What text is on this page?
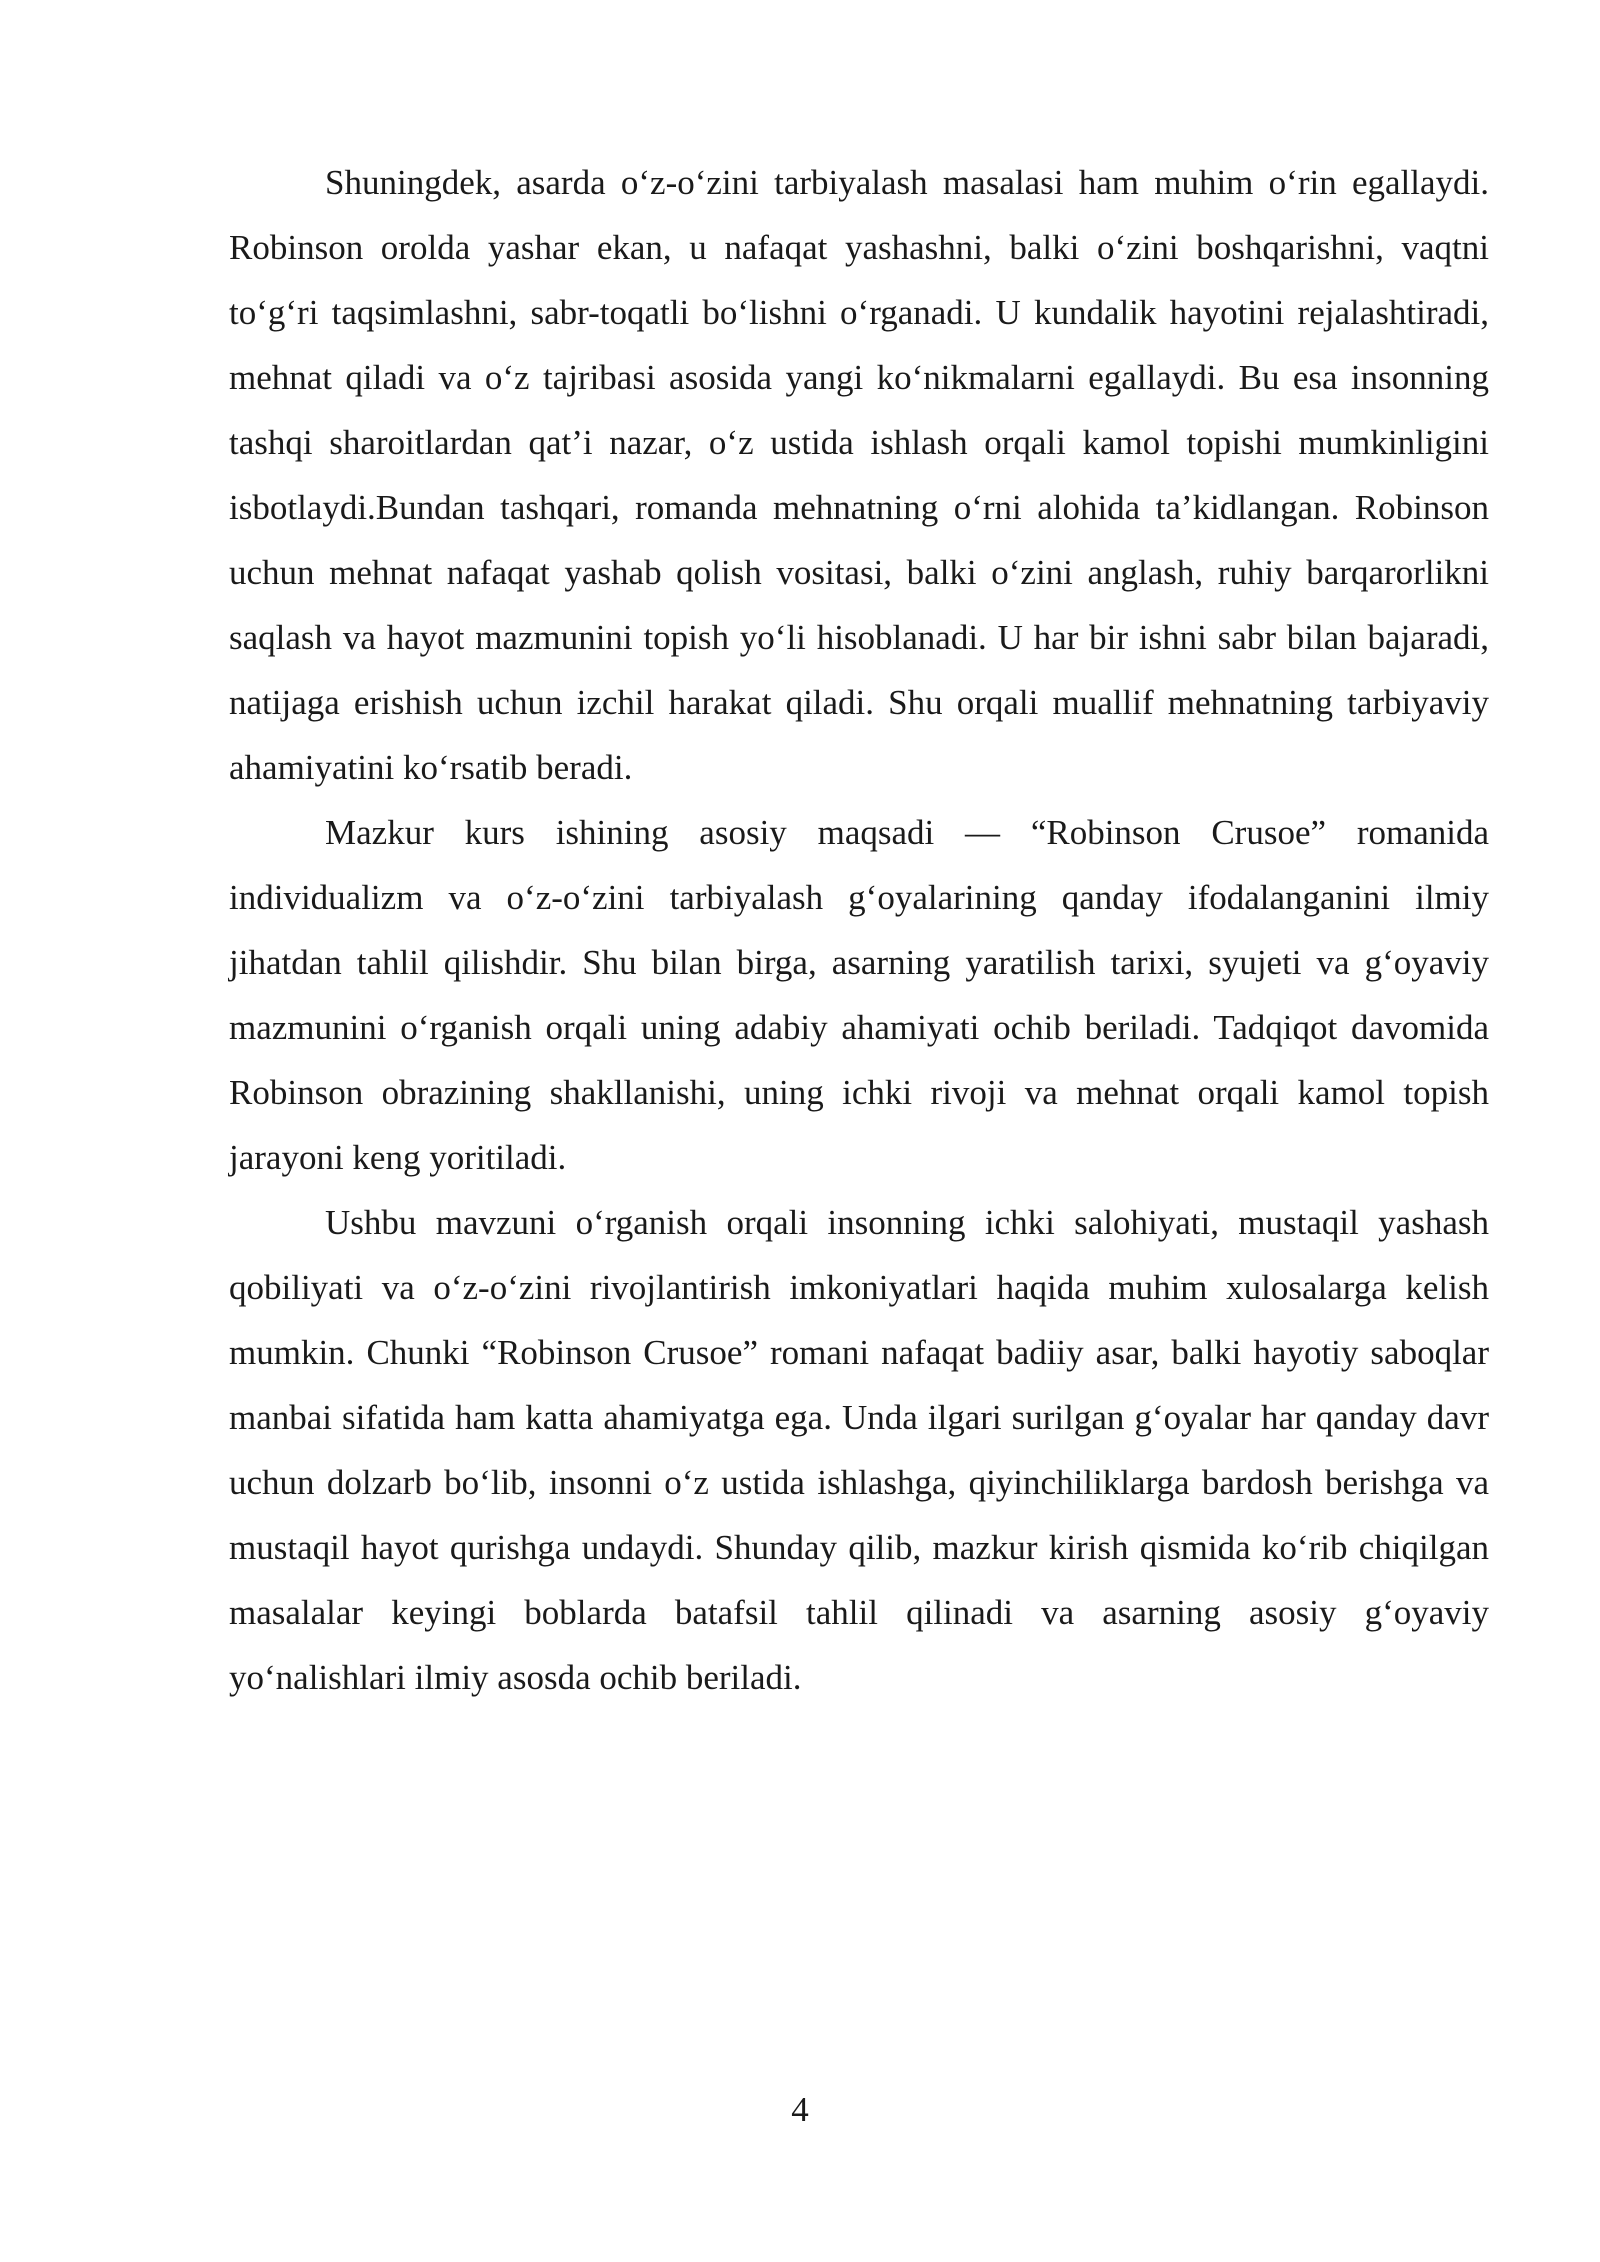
Shuningdek, asarda o‘z-o‘zini tarbiyalash masalasi ham muhim o‘rin egallaydi. Robinson orolda yashar ekan, u nafaqat yashashni, balki o‘zini boshqarishni, vaqtni to‘g‘ri taqsimlashni, sabr-toqatli bo‘lishni o‘rganadi. U kundalik hayotini rejalashtiradi, mehnat qiladi va o‘z tajribasi asosida yangi ko‘nikmalarni egallaydi. Bu esa insonning tashqi sharoitlardan qat’i nazar, o‘z ustida ishlash orqali kamol topishi mumkinligini isbotlaydi.Bundan tashqari, romanda mehnatning o‘rni alohida ta’kidlangan. Robinson uchun mehnat nafaqat yashab qolish vositasi, balki o‘zini anglash, ruhiy barqarorlikni saqlash va hayot mazmunini topish yo‘li hisoblanadi. U har bir ishni sabr bilan bajaradi, natijaga erishish uchun izchil harakat qiladi. Shu orqali muallif mehnatning tarbiyaviy ahamiyatini ko‘rsatib beradi.

Mazkur kurs ishining asosiy maqsadi — “Robinson Crusoe” romanida individualizm va o‘z-o‘zini tarbiyalash g‘oyalarining qanday ifodalanganini ilmiy jihatdan tahlil qilishdir. Shu bilan birga, asarning yaratilish tarixi, syujeti va g‘oyaviy mazmunini o‘rganish orqali uning adabiy ahamiyati ochib beriladi. Tadqiqot davomida Robinson obrazining shakllanishi, uning ichki rivoji va mehnat orqali kamol topish jarayoni keng yoritiladi.

Ushbu mavzuni o‘rganish orqali insonning ichki salohiyati, mustaqil yashash qobiliyati va o‘z-o‘zini rivojlantirish imkoniyatlari haqida muhim xulosalarga kelish mumkin. Chunki “Robinson Crusoe” romani nafaqat badiiy asar, balki hayotiy saboqlar manbai sifatida ham katta ahamiyatga ega. Unda ilgari surilgan g‘oyalar har qanday davr uchun dolzarb bo‘lib, insonni o‘z ustida ishlashga, qiyinchiliklarga bardosh berishga va mustaqil hayot qurishga undaydi. Shunday qilib, mazkur kirish qismida ko‘rib chiqilgan masalalar keyingi boblarda batafsil tahlil qilinadi va asarning asosiy g‘oyaviy yo‘nalishlari ilmiy asosda ochib beriladi.

4
